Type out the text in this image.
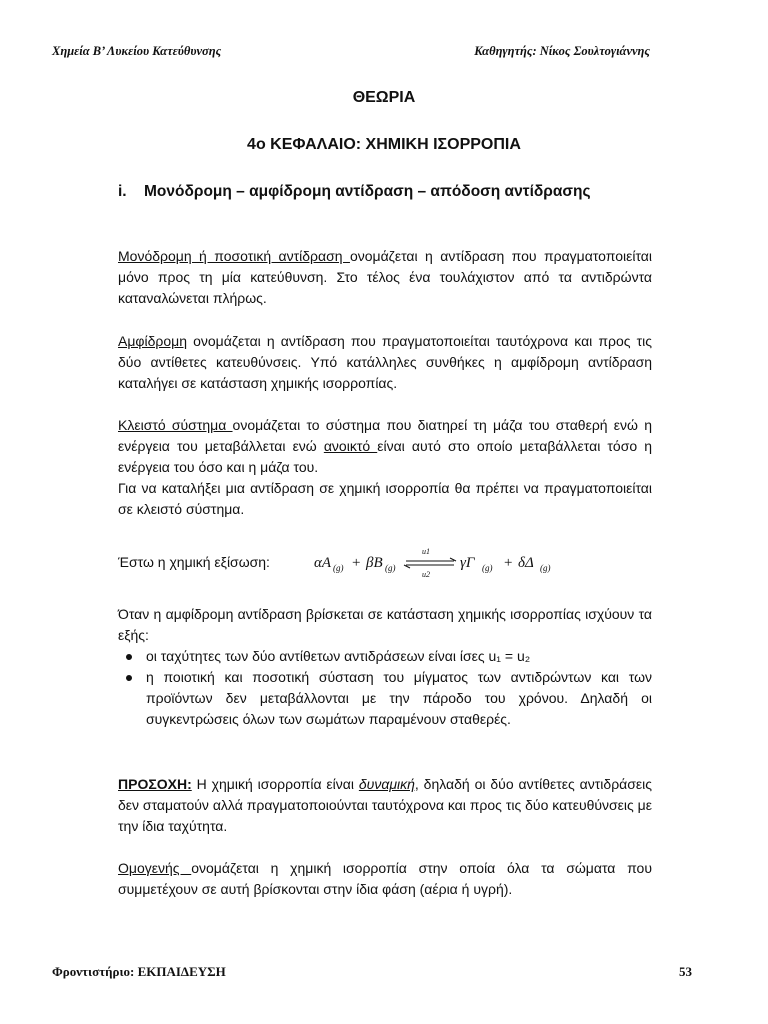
Χημεία Β’ Λυκείου Κατεύθυνσης	Καθηγητής: Νίκος Σουλτογιάννης
ΘΕΩΡΙΑ
4ο ΚΕΦΑΛΑΙΟ: ΧΗΜΙΚΗ ΙΣΟΡΡΟΠΙΑ
i. Μονόδρομη – αμφίδρομη αντίδραση – απόδοση αντίδρασης

Μονόδρομη ή ποσοτική αντίδραση ονομάζεται η αντίδραση που πραγματοποιείται μόνο προς τη μία κατεύθυνση. Στο τέλος ένα τουλάχιστον από τα αντιδρώντα καταναλώνεται πλήρως.

Αμφίδρομη ονομάζεται η αντίδραση που πραγματοποιείται ταυτόχρονα και προς τις δύο αντίθετες κατευθύνσεις. Υπό κατάλληλες συνθήκες η αμφίδρομη αντίδραση καταλήγει σε κατάσταση χημικής ισορροπίας.

Κλειστό σύστημα ονομάζεται το σύστημα που διατηρεί τη μάζα του σταθερή ενώ η ενέργεια του μεταβάλλεται ενώ ανοικτό είναι αυτό στο οποίο μεταβάλλεται τόσο η ενέργεια του όσο και η μάζα του.

Για να καταλήξει μια αντίδραση σε χημική ισορροπία θα πρέπει να πραγματοποιείται σε κλειστό σύστημα.

Έστω η χημική εξίσωση:	αA (g) + βB (g)
u1
u2
γΓ (g) + δΔ (g)

Όταν η αμφίδρομη αντίδραση βρίσκεται σε κατάσταση χημικής ισορροπίας ισχύουν τα εξής:

οι ταχύτητες των δύο αντίθετων αντιδράσεων είναι ίσες u₁ = u₂
η ποιοτική και ποσοτική σύσταση του μίγματος των αντιδρώντων και των προϊόντων δεν μεταβάλλονται με την πάροδο του χρόνου. Δηλαδή οι συγκεντρώσεις όλων των σωμάτων παραμένουν σταθερές.

ΠΡΟΣΟΧΗ: Η χημική ισορροπία είναι δυναμική, δηλαδή οι δύο αντίθετες αντιδράσεις δεν σταματούν αλλά πραγματοποιούνται ταυτόχρονα και προς τις δύο κατευθύνσεις με την ίδια ταχύτητα.

Ομογενής ονομάζεται η χημική ισορροπία στην οποία όλα τα σώματα που συμμετέχουν σε αυτή βρίσκονται στην ίδια φάση (αέρια ή υγρή).

Φροντιστήριο: ΕΚΠΑΙΔΕΥΣΗ	53
